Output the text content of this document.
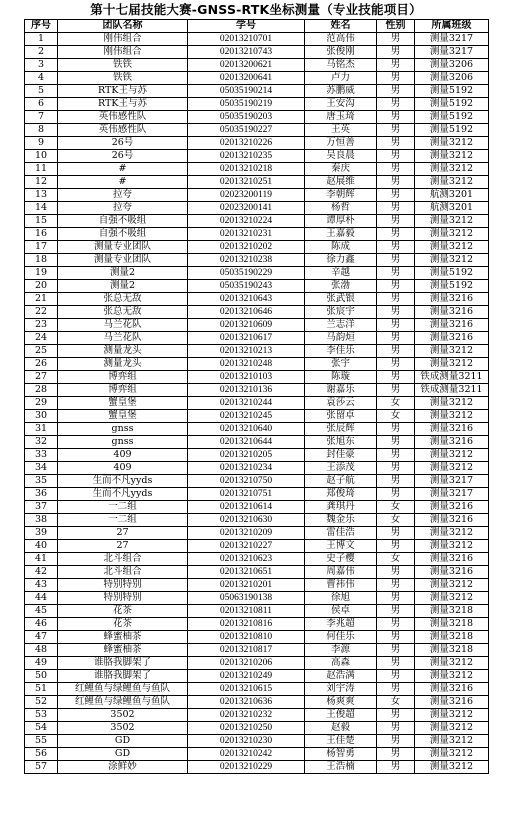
第十七届技能大赛-GNSS-RTK坐标测量（专业技能项目）
序号	团队名称	学号	姓名	性别	所属班级
1	刚伟组合	02013210701	范高伟	男	测量3217
2	刚伟组合	02013210743	张俊刚	男	测量3217
3	铁铁	02013200621	马铭杰	男	测量3206
4	铁铁	02013200641	卢力	男	测量3206
5	RTK王与苏	05035190214	苏鹏威	男	测量5192
6	RTK王与苏	05035190219	王安沟	男	测量5192
7	英伟感性队	05035190203	唐玉琦	男	测量5192
8	英伟感性队	05035190227	王英	男	测量5192
9	26号	02013210226	万恒善	男	测量3212
10	26号	02013210235	吴良晨	男	测量3212
11	#	02013210218	秦庆	男	测量3212
12	#	02013210251	赵展维	男	测量3212
13	拉夸	02023200119	李朝辉	男	航测3201
14	拉夸	02023200141	杨哲	男	航测3201
15	自强不吸组	02013210224	谭厚朴	男	测量3212
16	自强不吸组	02013210231	王嘉毅	男	测量3212
17	测量专业团队	02013210202	陈成	男	测量3212
18	测量专业团队	02013210238	徐力鑫	男	测量3212
19	测量2	05035190229	辛越	男	测量5192
20	测量2	05035190243	张渤	男	测量5192
21	张总无敌	02013210643	张武银	男	测量3216
22	张总无敌	02013210646	张宸宇	男	测量3216
23	马兰花队	02013210609	兰志洋	男	测量3216
24	马兰花队	02013210617	马韵烜	男	测量3216
25	测量龙头	02013210213	李佳乐	男	测量3212
26	测量龙头	02013210248	张宇	男	测量3212
27	博弈组	02013210103	陈璇	男	铁成测量3211
28	博弈组	02013210136	谢嘉乐	男	铁成测量3211
29	蟹皇堡	02013210244	袁莎云	女	测量3212
30	蟹皇堡	02013210245	张留卓	女	测量3212
31	gnss	02013210640	张辰辉	男	测量3216
32	gnss	02013210644	张旭东	男	测量3216
33	409	02013210205	封佳豪	男	测量3212
34	409	02013210234	王添茂	男	测量3212
35	生而不凡yyds	02013210750	赵子航	男	测量3217
36	生而不凡yyds	02013210751	郑俊琦	男	测量3217
37	一二组	02013210614	龚琪丹	女	测量3216
38	一二组	02013210630	魏金乐	女	测量3216
39	27	02013210209	雷佳浩	男	测量3212
40	27	02013210227	王博文	男	测量3212
41	北斗组合	02013210623	史子樱	女	测量3216
42	北斗组合	02013210651	周嘉伟	男	测量3216
43	特别特别	02013210201	曹祎伟	男	测量3212
44	特别特别	05063190138	徐旭	男	测量3212
45	花茶	02013210811	侯卓	男	测量3218
46	花茶	02013210816	李兆超	男	测量3218
47	蜂蜜柚茶	02013210810	何佳乐	男	测量3218
48	蜂蜜柚茶	02013210817	李源	男	测量3218
49	谁胳我脚架了	02013210206	高森	男	测量3212
50	谁胳我脚架了	02013210249	赵浩满	男	测量3212
51	红鲤鱼与绿鲤鱼与鱼队	02013210615	刘宇涛	男	测量3216
52	红鲤鱼与绿鲤鱼与鱼队	02013210636	杨爽爽	女	测量3216
53	3502	02013210232	王俊超	男	测量3212
54	3502	02013210250	赵毅	男	测量3212
55	GD	02013210230	王佳楚	男	测量3212
56	GD	02013210242	杨智勇	男	测量3212
57	涂鲜妙	02013210229	王浩楠	男	测量3212
